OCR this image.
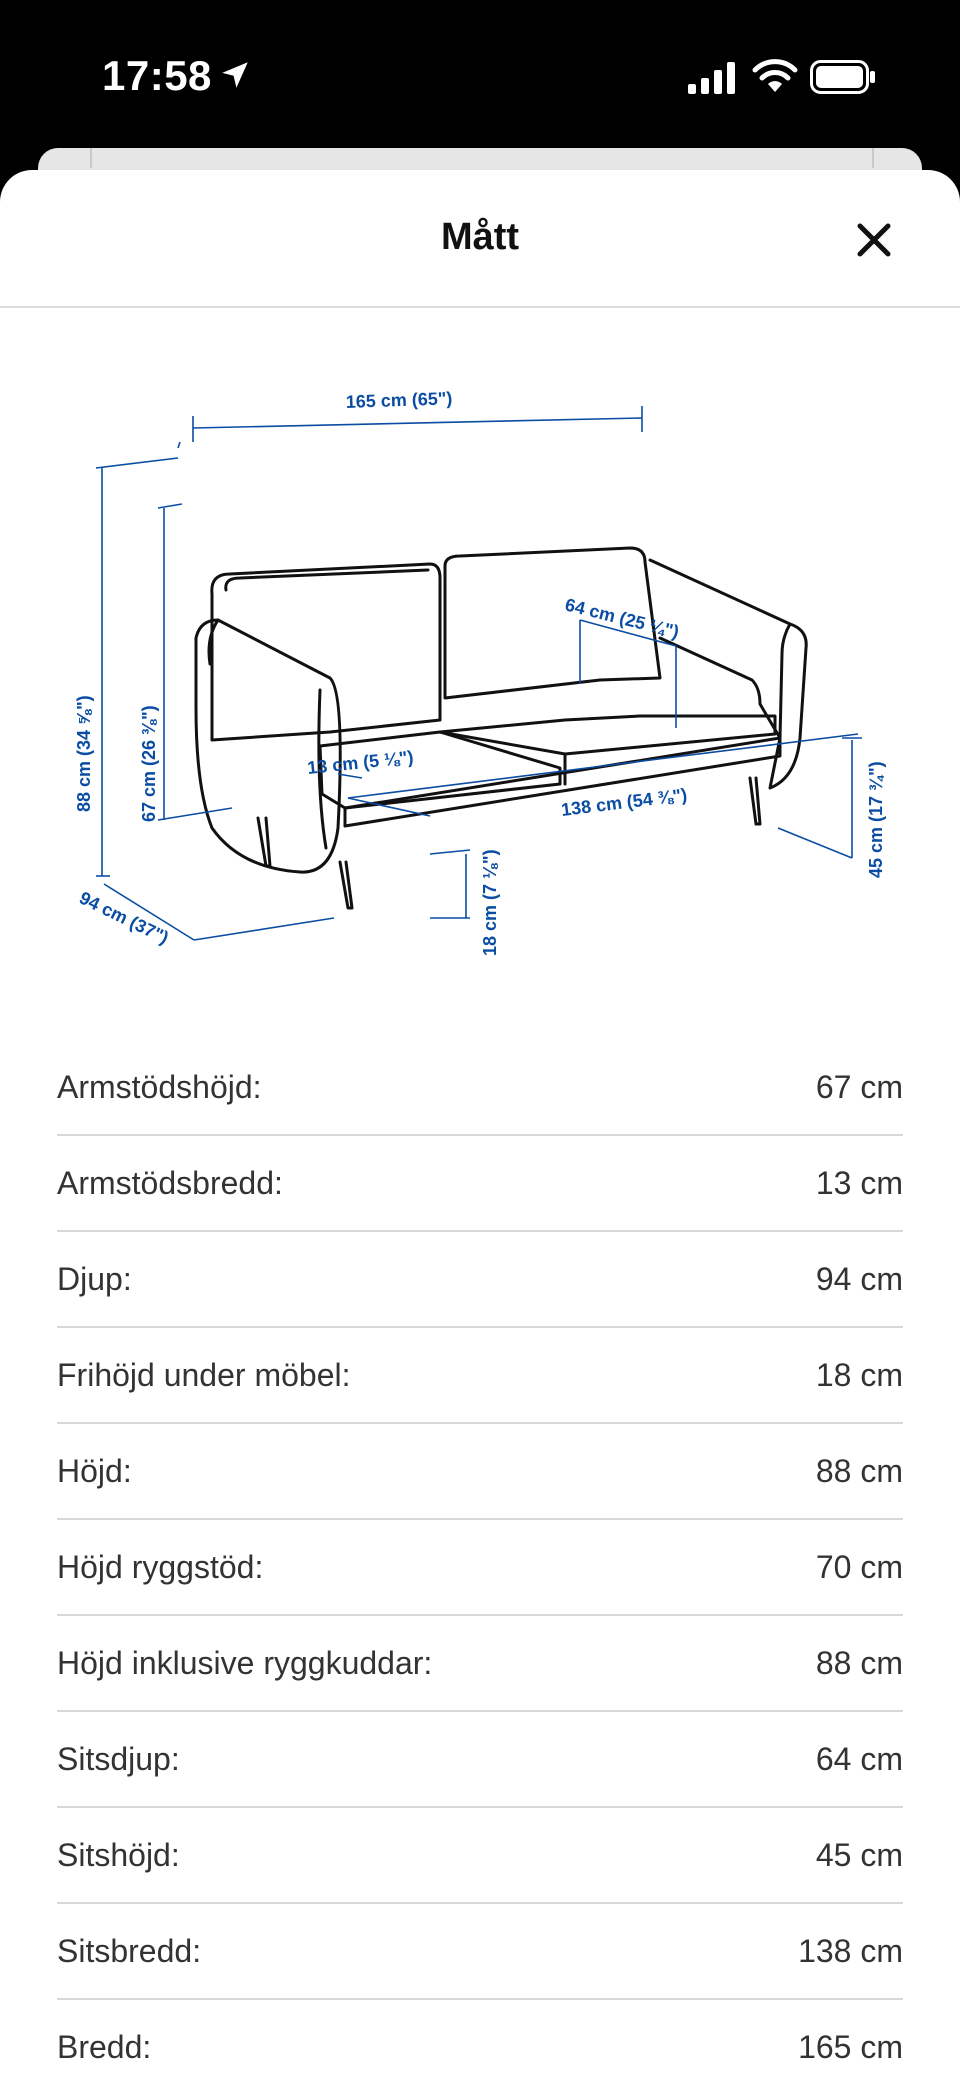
17:58
Mått
165 cm (65")
64 cm (25 ¼")
88 cm (34 ⅝")	67 cm (26 ⅜")	13 cm (5 ⅛")
138 cm (54 ⅜")	45 cm (17 ¾")
18 cm (7 ⅛")
94 cm (37")
Armstödshöjd:	67 cm
Armstödsbredd:	13 cm
Djup:	94 cm
Frihöjd under möbel:	18 cm
Höjd:	88 cm
Höjd ryggstöd:	70 cm
Höjd inklusive ryggkuddar:	88 cm
Sitsdjup:	64 cm
Sitshöjd:	45 cm
Sitsbredd:	138 cm
Bredd:	165 cm
